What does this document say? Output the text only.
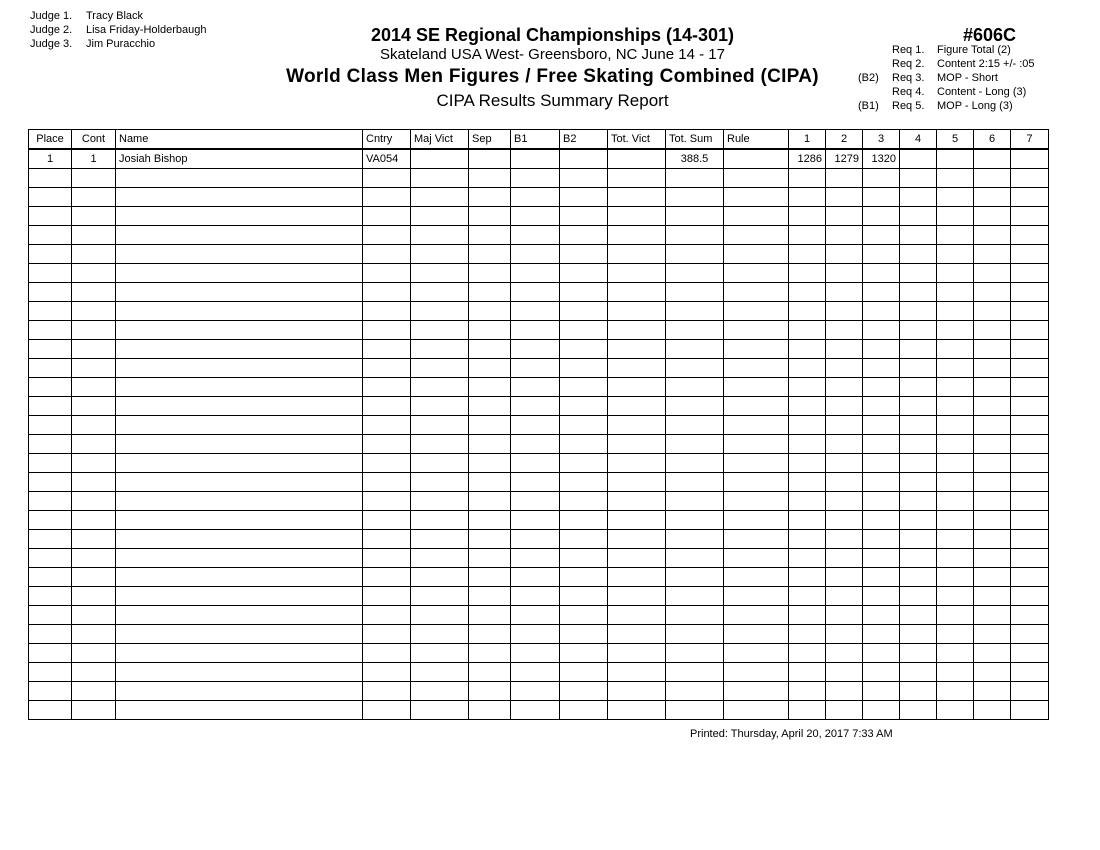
Judge 1.	Tracy Black
Judge 2.	Lisa Friday-Holderbaugh
Judge 3.	Jim Puracchio	2014 SE Regional Championships (14-301)
Skateland USA West- Greensboro, NC June 14 - 17
World Class Men Figures / Free Skating Combined (CIPA)
CIPA Results Summary Report
#606C
Req 1.	Figure Total (2)
Req 2.	Content 2:15 +/- :05
(B2)	Req 3.	MOP - Short
Req 4.	Content - Long (3)
(B1)	Req 5.	MOP - Long (3)
Place	Cont	Name	Cntry	Maj Vict	Sep	B1	B2	Tot. Vict	Tot. Sum	Rule	1	2	3	4	5	6	7
1	1	Josiah Bishop	VA054						388.5		1286	1279	1320				

Printed: Thursday, April 20, 2017 7:33 AM
